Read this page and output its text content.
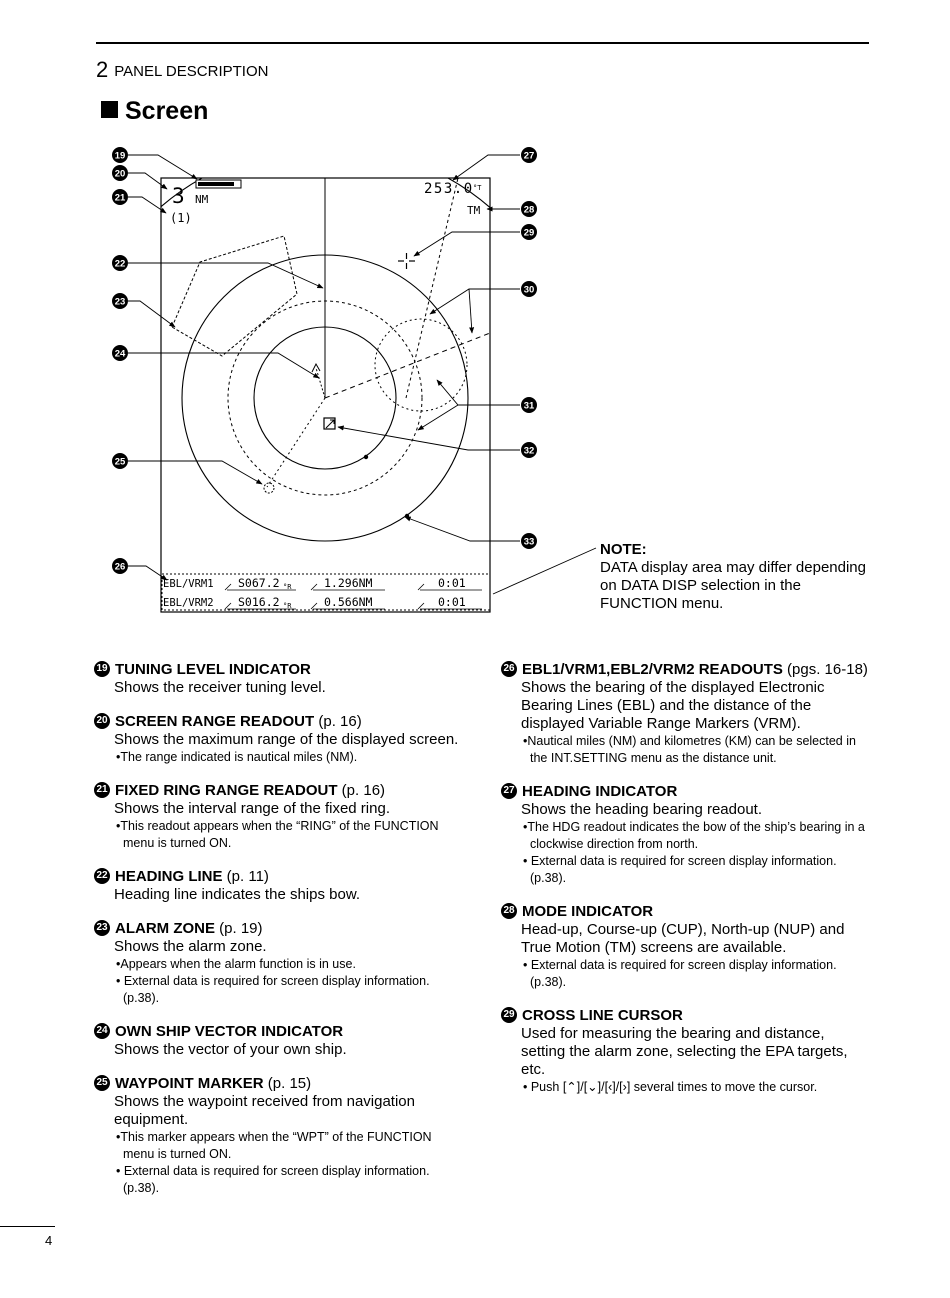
2 PANEL DESCRIPTION
Screen
3 NM
(1)
253.0 °T
TM
EBL/VRM1 S067.2 °R	1.296NM	0:01
EBL/VRM2 S016.2 °R	0.566NM	0:01
19
20
21
22
23
24
25
26
27
28
29
30
31
32
33	NOTE:
DATA display area may differ depending on DATA DISP selection in the FUNCTION menu.
19 TUNING LEVEL INDICATOR
Shows the receiver tuning level.
20 SCREEN RANGE READOUT (p. 16)
Shows the maximum range of the displayed screen.
•The range indicated is nautical miles (NM).
21 FIXED RING RANGE READOUT (p. 16)
Shows the interval range of the fixed ring.
•This readout appears when the “RING” of the FUNCTION menu is turned ON.
22 HEADING LINE (p. 11)
Heading line indicates the ships bow.
23 ALARM ZONE (p. 19)
Shows the alarm zone.
•Appears when the alarm function is in use.
• External data is required for screen display information. (p.38).
24 OWN SHIP VECTOR INDICATOR
Shows the vector of your own ship.
25 WAYPOINT MARKER (p. 15)
Shows the waypoint received from navigation equipment.
•This marker appears when the “WPT” of the FUNCTION menu is turned ON.
• External data is required for screen display information. (p.38).
26 EBL1/VRM1,EBL2/VRM2 READOUTS (pgs. 16-18)
Shows the bearing of the displayed Electronic Bearing Lines (EBL) and the distance of the displayed Variable Range Markers (VRM).
•Nautical miles (NM) and kilometres (KM) can be selected in the INT.SETTING menu as the distance unit.
27 HEADING INDICATOR
Shows the heading bearing readout.
•The HDG readout indicates the bow of the ship’s bearing in a clockwise direction from north.
• External data is required for screen display information. (p.38).
28 MODE INDICATOR
Head-up, Course-up (CUP), North-up (NUP) and True Motion (TM) screens are available.
• External data is required for screen display information. (p.38).
29 CROSS LINE CURSOR
Used for measuring the bearing and distance, setting the alarm zone, selecting the EPA targets, etc.
• Push [⌃]/[⌄]/[‹]/[›] several times to move the cursor.
4
